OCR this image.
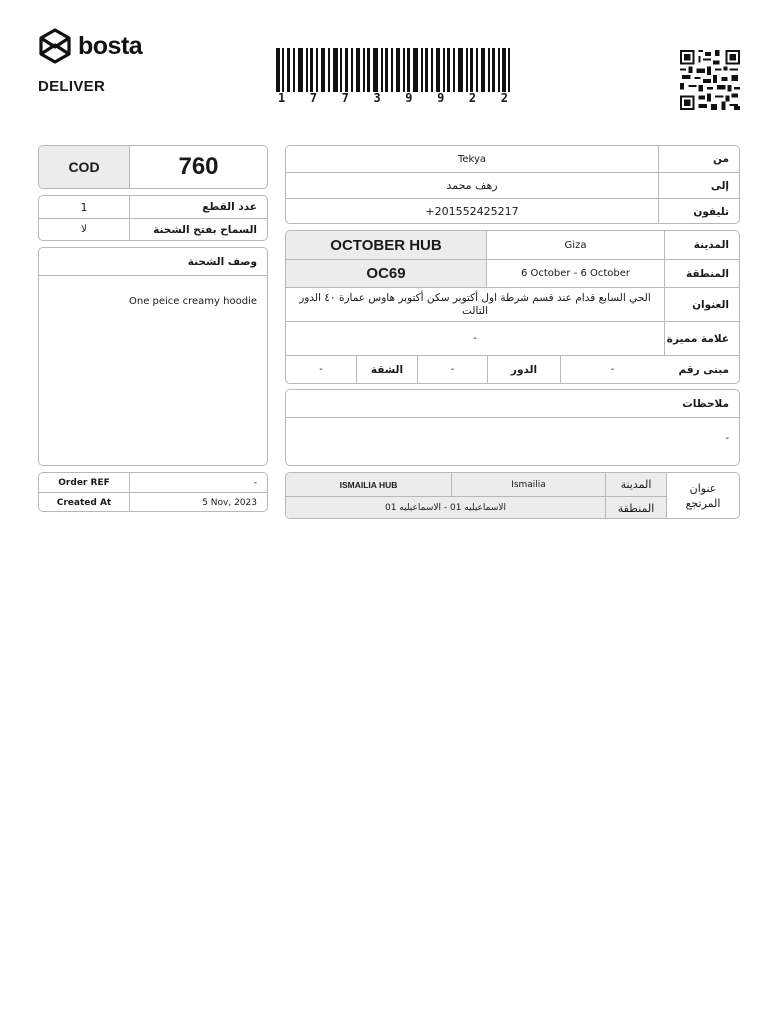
bosta
DELIVER
1 7 7 3 9 9 2 2
COD	760
1	عدد القطع
لا	السماح بفتح الشحنة
وصف الشحنة
One peice creamy hoodie
Order REF	-
Created At	5 Nov, 2023
Tekya	من
رهف محمد	إلى
+201552425217	تليفون
OCTOBER HUB	Giza	المدينة
OC69	6 October - 6 October	المنطقة
الحي السابع قدام عند قسم شرطة اول أكتوبر سكن أكتوبر هاوس عمارة ٤٠ الدور التالت	العنوان
-	علامة مميزة
-	الشقة	-	الدور	-	مبنى رقم
ملاحظات
-
ISMAILIA HUB	Ismailia	المدينة
الاسماعيليه 01 - الاسماعيليه 01	المنطقة
عنوان المرتجع
